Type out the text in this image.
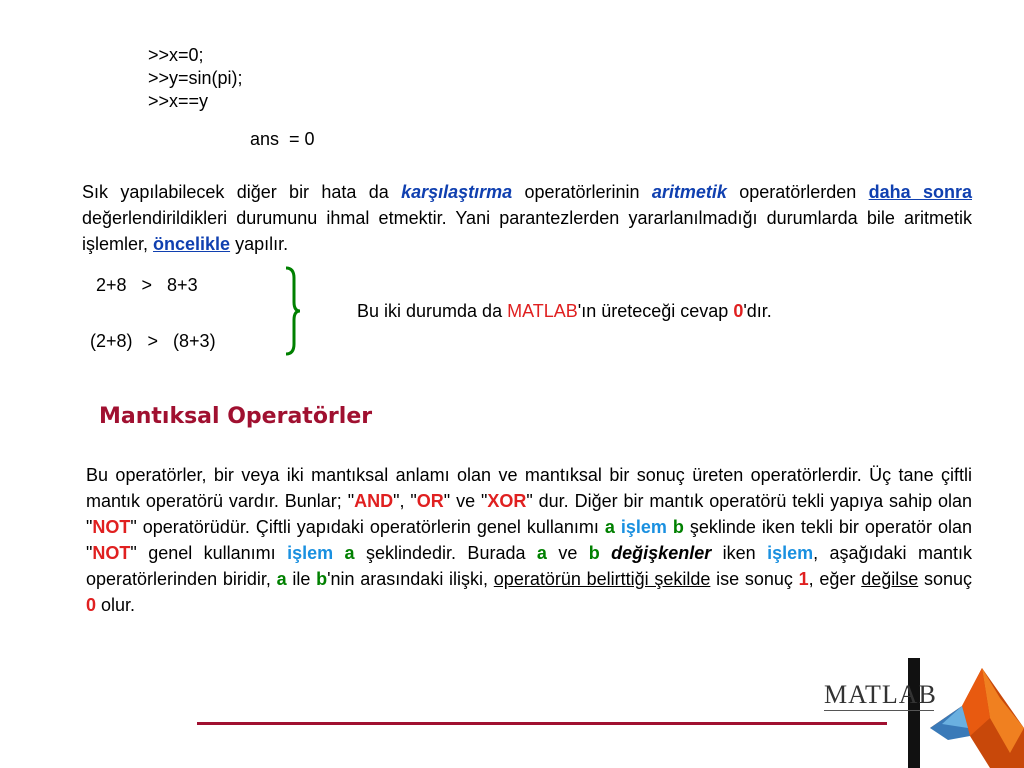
>>x=0;
>>y=sin(pi);
>>x==y
ans = 0
Sık yapılabilecek diğer bir hata da karşılaştırma operatörlerinin aritmetik operatörlerden daha sonra değerlendirildikleri durumunu ihmal etmektir. Yani parantezlerden yararlanılmadığı durumlarda bile aritmetik işlemler, öncelikle yapılır.
2+8   >   8+3
(2+8)   >   (8+3)
Bu iki durumda da MATLAB'ın üreteceği cevap 0'dır.
Mantıksal Operatörler
Bu operatörler, bir veya iki mantıksal anlamı olan ve mantıksal bir sonuç üreten operatörlerdir. Üç tane çiftli mantık operatörü vardır. Bunlar; "AND", "OR" ve "XOR" dur. Diğer bir mantık operatörü tekli yapıya sahip olan "NOT" operatörüdür. Çiftli yapıdaki operatörlerin genel kullanımı a işlem b şeklinde iken tekli bir operatör olan "NOT" genel kullanımı işlem a şeklindedir. Burada a ve b değişkenler iken işlem, aşağıdaki mantık operatörlerinden biridir, a ile b'nin arasındaki ilişki, operatörün belirttiği şekilde ise sonuç 1, eğer değilse sonuç 0 olur.
MATLAB
